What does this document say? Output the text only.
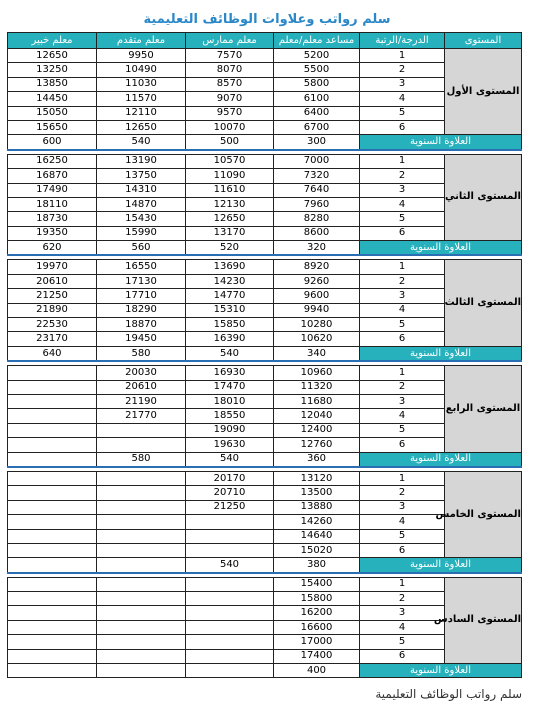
سلم رواتب وعلاوات الوظائف التعليمية
المستوى	الدرجة/الرتبة	مساعد معلم/معلم	معلم ممارس	معلم متقدم	معلم خبير
المستوى الأول	1	5200	7570	9950	12650
	2	5500	8070	10490	13250
	3	5800	8570	11030	13850
	4	6100	9070	11570	14450
	5	6400	9570	12110	15050
	6	6700	10070	12650	15650
العلاوة السنوية		300	500	540	600

المستوى الثاني	1	7000	10570	13190	16250
	2	7320	11090	13750	16870
	3	7640	11610	14310	17490
	4	7960	12130	14870	18110
	5	8280	12650	15430	18730
	6	8600	13170	15990	19350
العلاوة السنوية		320	520	560	620

المستوى الثالث	1	8920	13690	16550	19970
	2	9260	14230	17130	20610
	3	9600	14770	17710	21250
	4	9940	15310	18290	21890
	5	10280	15850	18870	22530
	6	10620	16390	19450	23170
العلاوة السنوية		340	540	580	640

المستوى الرابع	1	10960	16930	20030	
	2	11320	17470	20610	
	3	11680	18010	21190	
	4	12040	18550	21770	
	5	12400	19090		
	6	12760	19630		
العلاوة السنوية		360	540	580	

المستوى الخامس	1	13120	20170		
	2	13500	20710		
	3	13880	21250		
	4	14260			
	5	14640			
	6	15020			
العلاوة السنوية		380	540		

المستوى السادس	1	15400			
	2	15800			
	3	16200			
	4	16600			
	5	17000			
	6	17400			
العلاوة السنوية		400			
سلم رواتب الوظائف التعليمية
